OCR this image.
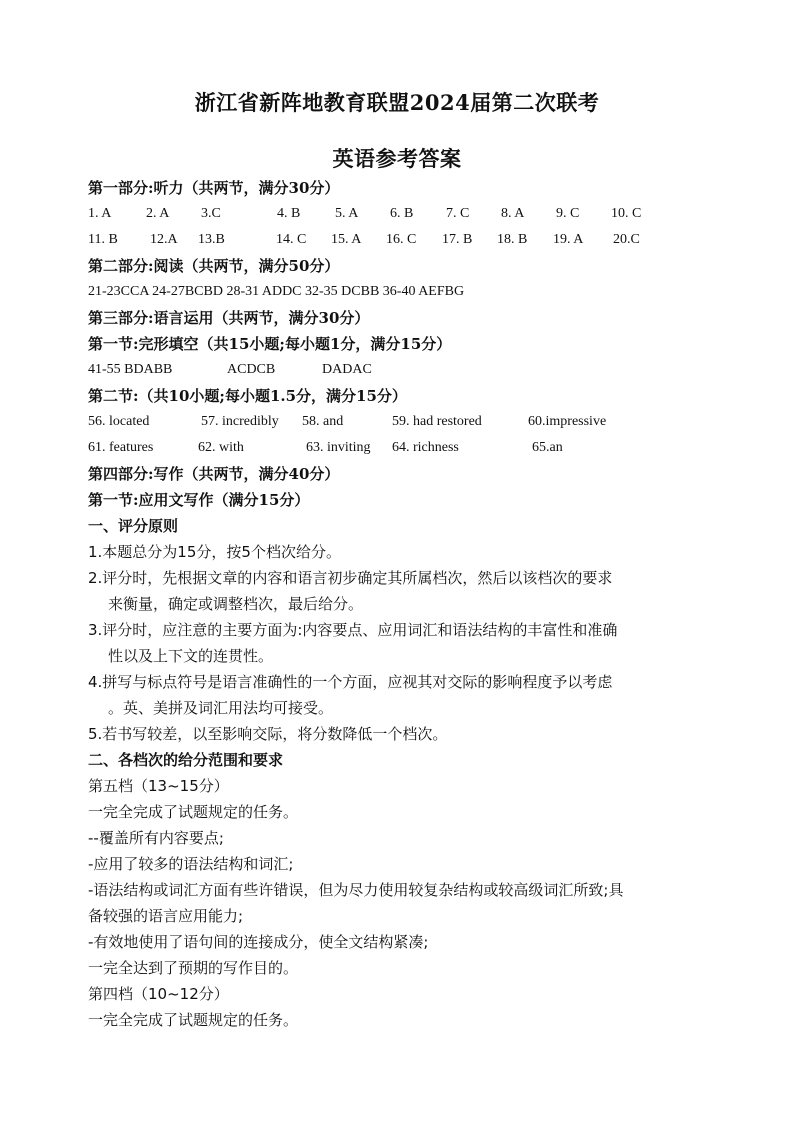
浙江省新阵地教育联盟2024届第二次联考
英语参考答案
第一部分:听力（共两节，满分30分）
1. A 2. A 3.C	4. B 5. A 6. B 7. C 8. A 9. C 10. C
11. B 12.A 13.B	14. C 15. A 16. C 17. B 18. B 19. A 20.C
第二部分:阅读（共两节，满分50分）
21-23CCA 24-27BCBD 28-31 ADDC 32-35 DCBB 36-40 AEFBG
第三部分:语言运用（共两节，满分30分）
第一节:完形填空（共15小题;每小题1分，满分15分）
41-55 BDABB	ACDCB	DADAC
第二节:（共10小题;每小题1.5分，满分15分）
56. located	57. incredibly 58. and	59. had restored	60.impressive
61. features	62. with	63. inviting 64. richness	65.an
第四部分:写作（共两节，满分40分）
第一节:应用文写作（满分15分）
一、评分原则
1.本题总分为15分，按5个档次给分。
2.评分时，先根据文章的内容和语言初步确定其所属档次，然后以该档次的要求
来衡量，确定或调整档次，最后给分。
3.评分时，应注意的主要方面为:内容要点、应用词汇和语法结构的丰富性和准确
性以及上下文的连贯性。
4.拼写与标点符号是语言准确性的一个方面，应视其对交际的影响程度予以考虑
。英、美拼及词汇用法均可接受。
5.若书写较差，以至影响交际，将分数降低一个档次。
二、各档次的给分范围和要求
第五档（13~15分）
一完全完成了试题规定的任务。
--覆盖所有内容要点;
-应用了较多的语法结构和词汇;
-语法结构或词汇方面有些许错误，但为尽力使用较复杂结构或较高级词汇所致;具
备较强的语言应用能力;
-有效地使用了语句间的连接成分，使全文结构紧凑;
一完全达到了预期的写作目的。
第四档（10~12分）
一完全完成了试题规定的任务。
